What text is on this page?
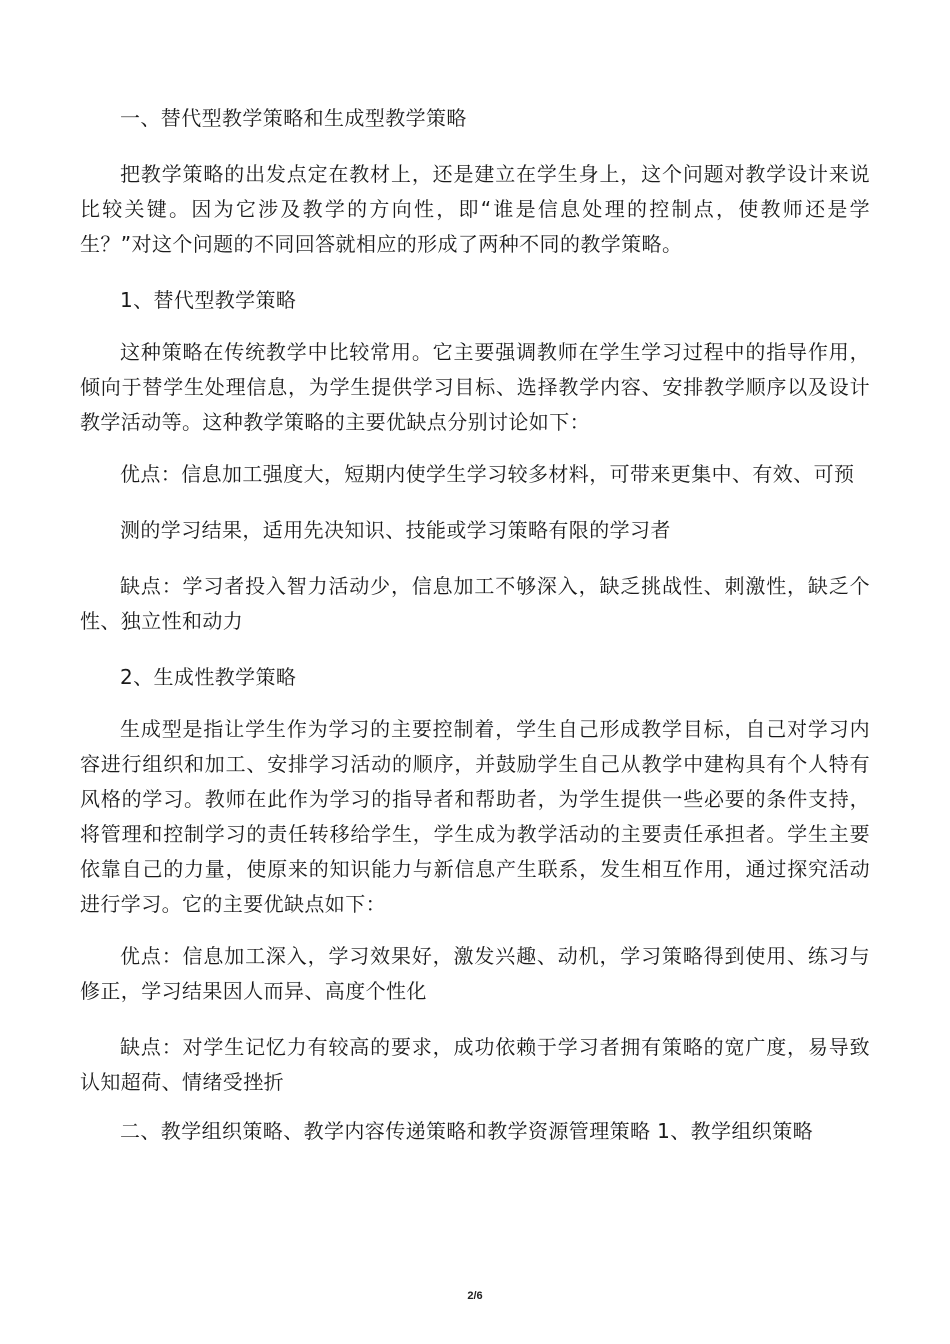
一、替代型教学策略和生成型教学策略

把教学策略的出发点定在教材上，还是建立在学生身上，这个问题对教学设计来说比较关键。因为它涉及教学的方向性，即“谁是信息处理的控制点，使教师还是学生？”对这个问题的不同回答就相应的形成了两种不同的教学策略。

1、替代型教学策略

这种策略在传统教学中比较常用。它主要强调教师在学生学习过程中的指导作用，倾向于替学生处理信息，为学生提供学习目标、选择教学内容、安排教学顺序以及设计教学活动等。这种教学策略的主要优缺点分别讨论如下：

优点：信息加工强度大，短期内使学生学习较多材料，可带来更集中、有效、可预

测的学习结果，适用先决知识、技能或学习策略有限的学习者

缺点：学习者投入智力活动少，信息加工不够深入，缺乏挑战性、刺激性，缺乏个性、独立性和动力

2、生成性教学策略

生成型是指让学生作为学习的主要控制着，学生自己形成教学目标，自己对学习内容进行组织和加工、安排学习活动的顺序，并鼓励学生自己从教学中建构具有个人特有风格的学习。教师在此作为学习的指导者和帮助者，为学生提供一些必要的条件支持，将管理和控制学习的责任转移给学生，学生成为教学活动的主要责任承担者。学生主要依靠自己的力量，使原来的知识能力与新信息产生联系，发生相互作用，通过探究活动进行学习。它的主要优缺点如下：

优点：信息加工深入，学习效果好，激发兴趣、动机，学习策略得到使用、练习与修正，学习结果因人而异、高度个性化

缺点：对学生记忆力有较高的要求，成功依赖于学习者拥有策略的宽广度，易导致认知超荷、情绪受挫折

二、教学组织策略、教学内容传递策略和教学资源管理策略 1、教学组织策略

2/6
